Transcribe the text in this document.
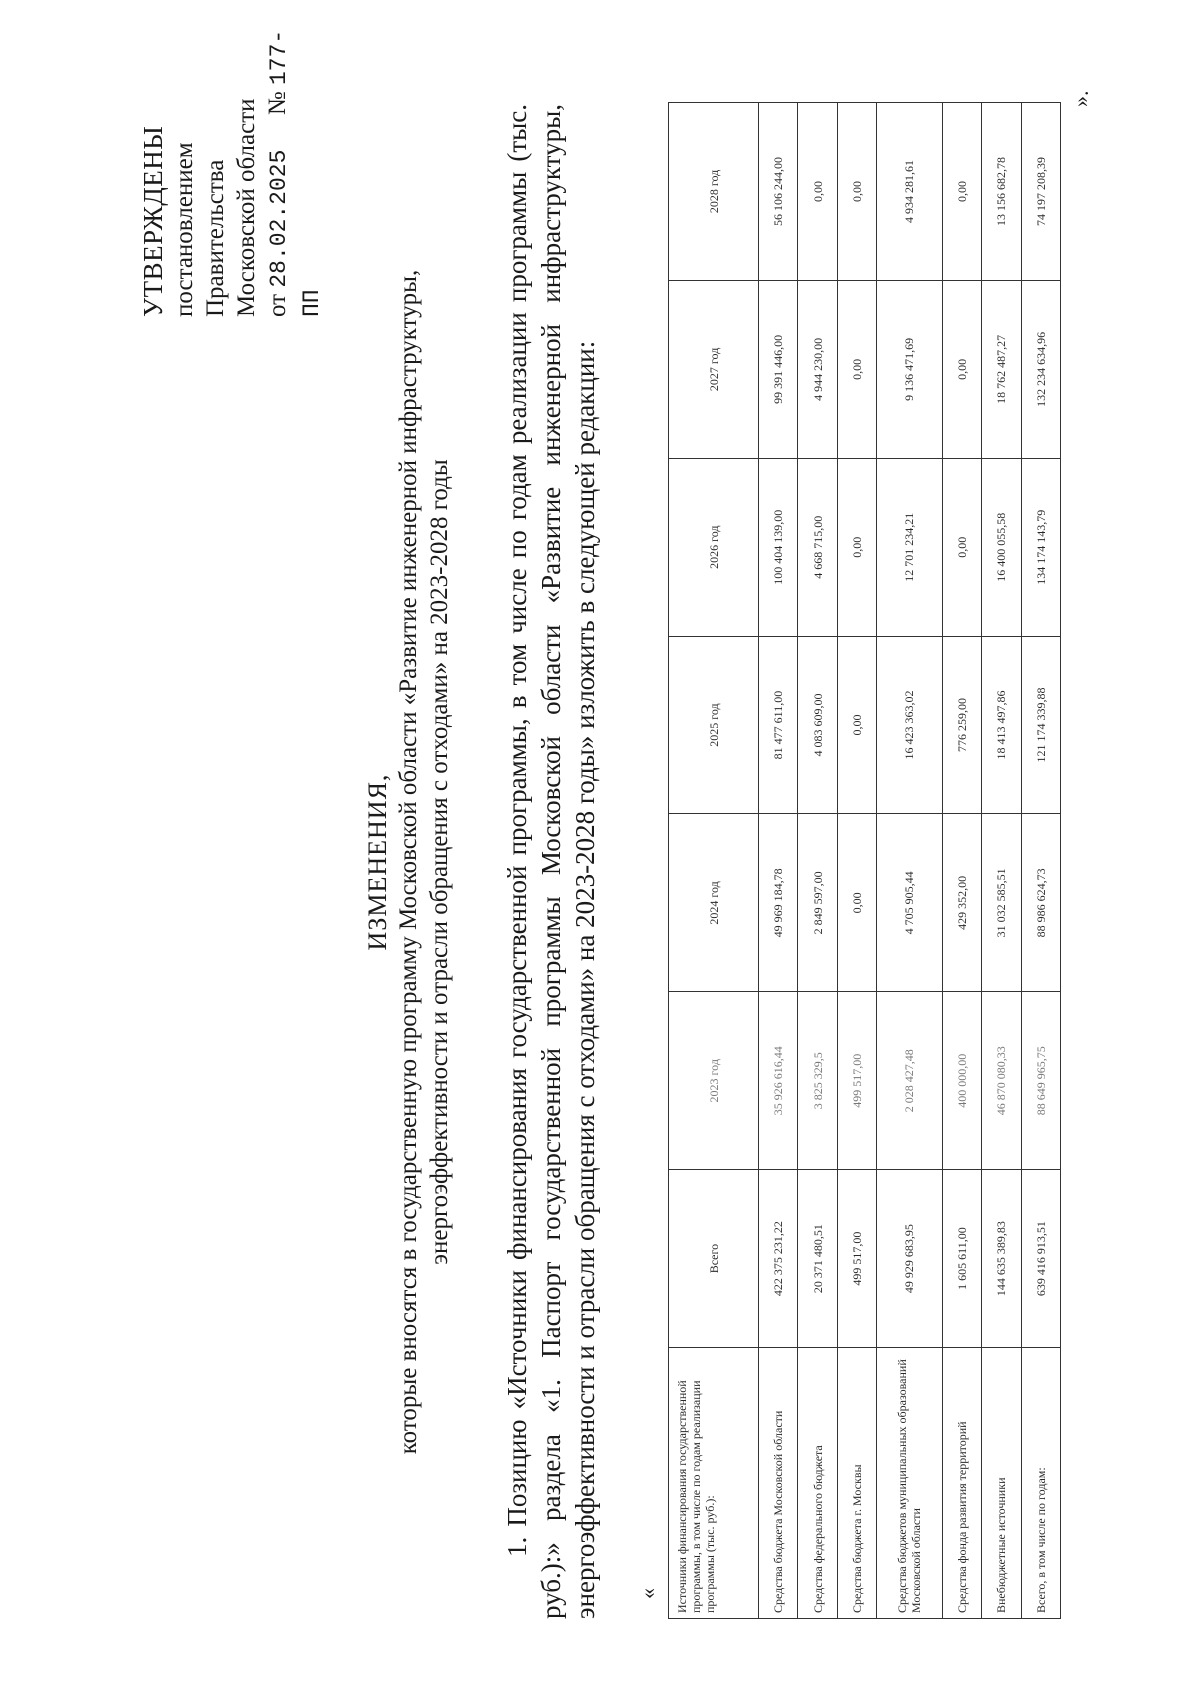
УТВЕРЖДЕНЫ постановлением Правительства Московской области от 28.02.2025  № 177-ПП
ИЗМЕНЕНИЯ, которые вносятся в государственную программу Московской области «Развитие инженерной инфраструктуры, энергоэффективности и отрасли обращения с отходами» на 2023-2028 годы 1. Позицию «Источники финансирования государственной программы, в том числе по годам реализации программы (тыс. руб.):» раздела «1. Паспорт государственной программы Московской области «Развитие инженерной инфраструктуры, энергоэффективности и отрасли обращения с отходами» на 2023-2028 годы» изложить в следующей редакции: « Источники финансирования государственной программы, в том числе по годам реализации программы (тыс. руб.):	Всего	2023 год	2024 год	2025 год	2026 год	2027 год	2028 год
Средства бюджета Московской области	422 375 231,22	35 926 616,44	49 969 184,78	81 477 611,00	100 404 139,00	99 391 446,00	56 106 244,00
Средства федерального бюджета	20 371 480,51	3 825 329,5	2 849 597,00	4 083 609,00	4 668 715,00	4 944 230,00	0,00
Средства бюджета г. Москвы	499 517,00	499 517,00	0,00	0,00	0,00	0,00	0,00
Средства бюджетов муниципальных образований Московской области	49 929 683,95	2 028 427,48	4 705 905,44	16 423 363,02	12 701 234,21	9 136 471,69	4 934 281,61
Средства фонда развития территорий	1 605 611,00	400 000,00	429 352,00	776 259,00	0,00	0,00	0,00
Внебюджетные источники	144 635 389,83	46 870 080,33	31 032 585,51	18 413 497,86	16 400 055,58	18 762 487,27	13 156 682,78
Всего, в том числе по годам:	639 416 913,51	88 649 965,75	88 986 624,73	121 174 339,88	134 174 143,79	132 234 634,96	74 197 208,39
».
